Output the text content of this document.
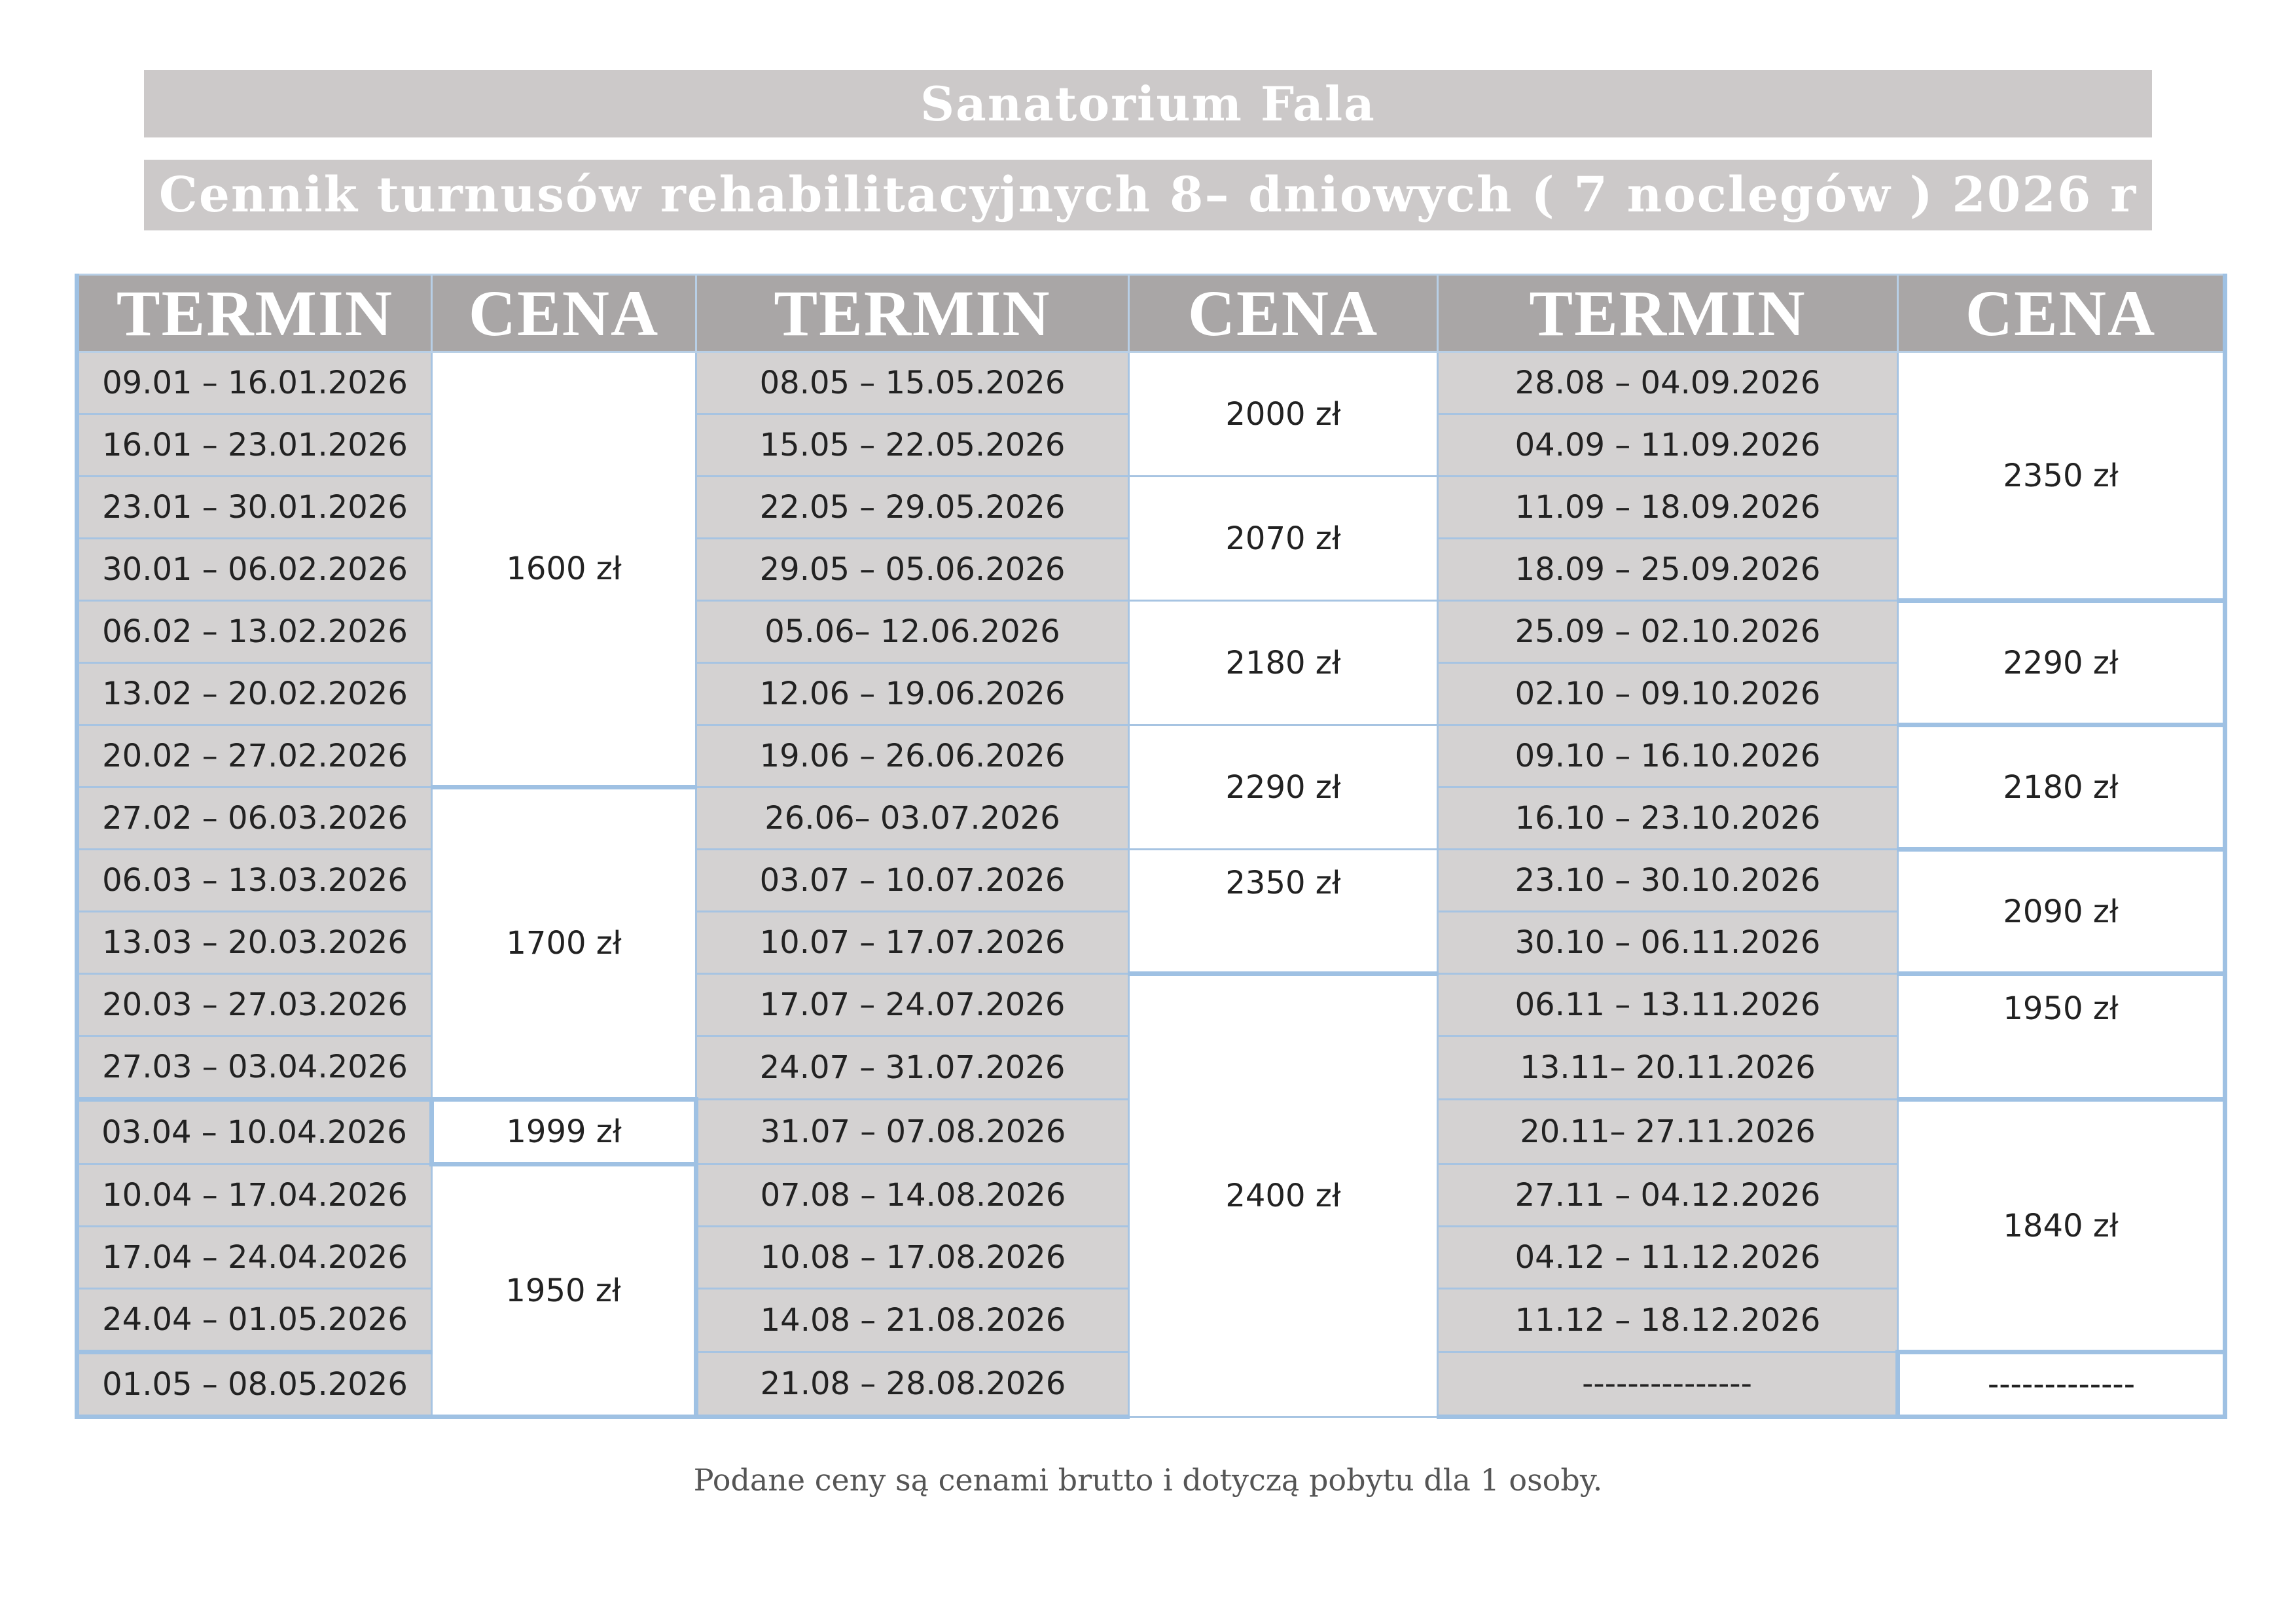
Sanatorium Fala
Cennik turnusów rehabilitacyjnych 8– dniowych ( 7 noclegów ) 2026 r
TERMIN	CENA	TERMIN	CENA	TERMIN	CENA
09.01 – 16.01.2026	1600 zł	08.05 – 15.05.2026	2000 zł	28.08 – 04.09.2026	2350 zł
16.01 – 23.01.2026		15.05 – 22.05.2026		04.09 – 11.09.2026	
23.01 – 30.01.2026		22.05 – 29.05.2026	2070 zł	11.09 – 18.09.2026	
30.01 – 06.02.2026		29.05 – 05.06.2026		18.09 – 25.09.2026	
06.02 – 13.02.2026		05.06– 12.06.2026	2180 zł	25.09 – 02.10.2026	2290 zł
13.02 – 20.02.2026		12.06 – 19.06.2026		02.10 – 09.10.2026	
20.02 – 27.02.2026		19.06 – 26.06.2026	2290 zł	09.10 – 16.10.2026	2180 zł
27.02 – 06.03.2026	1700 zł	26.06– 03.07.2026		16.10 – 23.10.2026	
06.03 – 13.03.2026		03.07 – 10.07.2026	2350 zł	23.10 – 30.10.2026	2090 zł
13.03 – 20.03.2026		10.07 – 17.07.2026		30.10 – 06.11.2026	
20.03 – 27.03.2026		17.07 – 24.07.2026	2400 zł	06.11 – 13.11.2026	1950 zł
27.03 – 03.04.2026		24.07 – 31.07.2026		13.11– 20.11.2026	
03.04 – 10.04.2026	1999 zł	31.07 – 07.08.2026		20.11– 27.11.2026	1840 zł
10.04 – 17.04.2026	1950 zł	07.08 – 14.08.2026		27.11 – 04.12.2026	
17.04 – 24.04.2026		10.08 – 17.08.2026		04.12 – 11.12.2026	
24.04 – 01.05.2026		14.08 – 21.08.2026		11.12 – 18.12.2026	
01.05 – 08.05.2026		21.08 – 28.08.2026		---------------	-------------
Podane ceny są cenami brutto i dotyczą pobytu dla 1 osoby.
